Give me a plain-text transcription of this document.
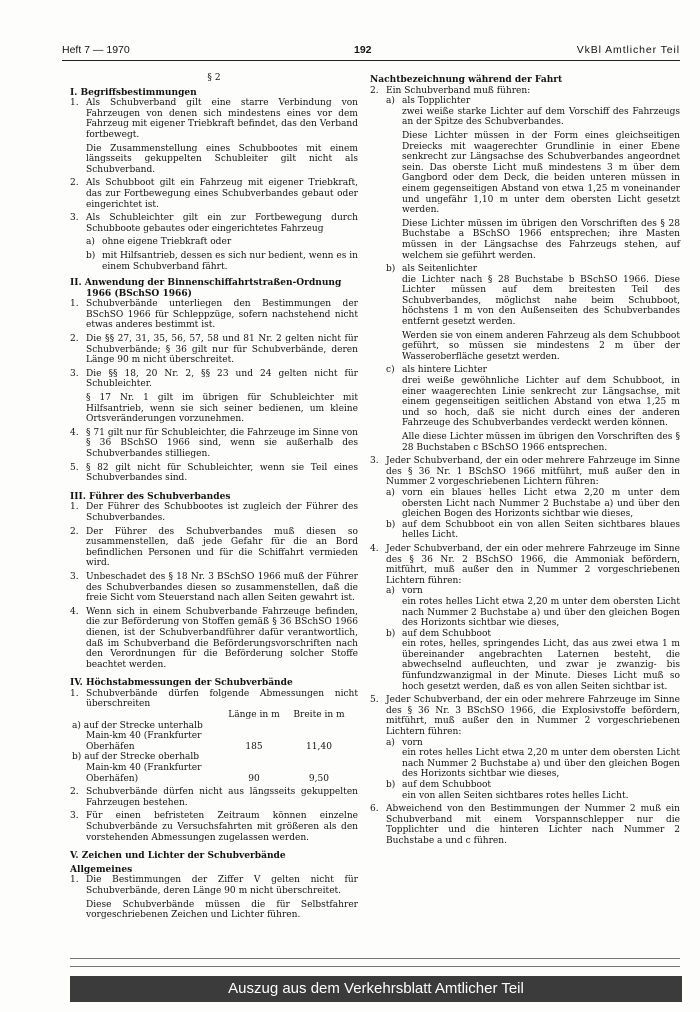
Heft 7 — 1970	192	VkBl Amtlicher Teil

§ 2

I. Begriffsbestimmungen

1. Als Schubverband gilt eine starre Verbindung von Fahrzeugen von denen sich mindestens eines vor dem Fahrzeug mit eigener Triebkraft befindet, das den Verband fortbewegt.

Die Zusammenstellung eines Schubbootes mit einem längsseits gekuppelten Schubleiter gilt nicht als Schubverband.

2. Als Schubboot gilt ein Fahrzeug mit eigener Triebkraft, das zur Fortbewegung eines Schubverbandes gebaut oder eingerichtet ist.
3. Als Schubleichter gilt ein zur Fortbewegung durch Schubboote gebautes oder eingerichtetes Fahrzeug
a) ohne eigene Triebkraft oder
b) mit Hilfsantrieb, dessen es sich nur bedient, wenn es in einem Schubverband fährt.

II. Anwendung der Binnenschiffahrtstraßen-Ordnung 1966 (BSchSO 1966)

1. Schubverbände unterliegen den Bestimmungen der BSchSO 1966 für Schleppzüge, sofern nachstehend nicht etwas anderes bestimmt ist.
2. Die §§ 27, 31, 35, 56, 57, 58 und 81 Nr. 2 gelten nicht für Schubverbände; § 36 gilt nur für Schubverbände, deren Länge 90 m nicht überschreitet.
3. Die §§ 18, 20 Nr. 2, §§ 23 und 24 gelten nicht für Schubleichter.

§ 17 Nr. 1 gilt im übrigen für Schubleichter mit Hilfsantrieb, wenn sie sich seiner bedienen, um kleine Ortsveränderungen vorzunehmen.

4. § 71 gilt nur für Schubleichter, die Fahrzeuge im Sinne von § 36 BSchSO 1966 sind, wenn sie außerhalb des Schubverbandes stilliegen.
5. § 82 gilt nicht für Schubleichter, wenn sie Teil eines Schubverbandes sind.

III. Führer des Schubverbandes

1. Der Führer des Schubbootes ist zugleich der Führer des Schubverbandes.
2. Der Führer des Schubverbandes muß diesen so zusammenstellen, daß jede Gefahr für die an Bord befindlichen Personen und für die Schiffahrt vermieden wird.
3. Unbeschadet des § 18 Nr. 3 BSchSO 1966 muß der Führer des Schubverbandes diesen so zusammenstellen, daß die freie Sicht vom Steuerstand nach allen Seiten gewahrt ist.
4. Wenn sich in einem Schubverbande Fahrzeuge befinden, die zur Beförderung von Stoffen gemäß § 36 BSchSO 1966 dienen, ist der Schubverbandführer dafür verantwortlich, daß im Schubverband die Beförderungsvorschriften nach den Verordnungen für die Beförderung solcher Stoffe beachtet werden.

IV. Höchstabmessungen der Schubverbände

1. Schubverbände dürfen folgende Abmessungen nicht überschreiten
	Länge in m	Breite in m
a) auf der Strecke unterhalb
Main-km 40 (Frankfurter
Oberhäfen	185	11,40
b) auf der Strecke oberhalb
Main-km 40 (Frankfurter
Oberhäfen)	90	9,50
2. Schubverbände dürfen nicht aus längsseits gekuppelten Fahrzeugen bestehen.
3. Für einen befristeten Zeitraum können einzelne Schubverbände zu Versuchsfahrten mit größeren als den vorstehenden Abmessungen zugelassen werden.

V. Zeichen und Lichter der Schubverbände

Allgemeines

1. Die Bestimmungen der Ziffer V gelten nicht für Schubverbände, deren Länge 90 m nicht überschreitet.

Diese Schubverbände müssen die für Selbstfahrer vorgeschriebenen Zeichen und Lichter führen.

Nachtbezeichnung während der Fahrt

2. Ein Schubverband muß führen:
a) als Topplichter

zwei weiße starke Lichter auf dem Vorschiff des Fahrzeugs an der Spitze des Schubverbandes.

Diese Lichter müssen in der Form eines gleichseitigen Dreiecks mit waagerechter Grundlinie in einer Ebene senkrecht zur Längsachse des Schubverbandes angeordnet sein. Das oberste Licht muß mindestens 3 m über dem Gangbord oder dem Deck, die beiden unteren müssen in einem gegenseitigen Abstand von etwa 1,25 m voneinander und ungefähr 1,10 m unter dem obersten Licht gesetzt werden.

Diese Lichter müssen im übrigen den Vorschriften des § 28 Buchstabe a BSchSO 1966 entsprechen; ihre Masten müssen in der Längsachse des Fahrzeugs stehen, auf welchem sie geführt werden.

b) als Seitenlichter

die Lichter nach § 28 Buchstabe b BSchSO 1966. Diese Lichter müssen auf dem breitesten Teil des Schubverbandes, möglichst nahe beim Schubboot, höchstens 1 m von den Außenseiten des Schubverbandes entfernt gesetzt werden.

Werden sie von einem anderen Fahrzeug als dem Schubboot geführt, so müssen sie mindestens 2 m über der Wasseroberfläche gesetzt werden.

c) als hintere Lichter

drei weiße gewöhnliche Lichter auf dem Schubboot, in einer waagerechten Linie senkrecht zur Längsachse, mit einem gegenseitigen seitlichen Abstand von etwa 1,25 m und so hoch, daß sie nicht durch eines der anderen Fahrzeuge des Schubverbandes verdeckt werden können.

Alle diese Lichter müssen im übrigen den Vorschriften des § 28 Buchstaben c BSchSO 1966 entsprechen.

3. Jeder Schubverband, der ein oder mehrere Fahrzeuge im Sinne des § 36 Nr. 1 BSchSO 1966 mitführt, muß außer den in Nummer 2 vorgeschriebenen Lichtern führen:
a) vorn ein blaues helles Licht etwa 2,20 m unter dem obersten Licht nach Nummer 2 Buchstabe a) und über den gleichen Bogen des Horizonts sichtbar wie dieses,
b) auf dem Schubboot ein von allen Seiten sichtbares blaues helles Licht.
4. Jeder Schubverband, der ein oder mehrere Fahrzeuge im Sinne des § 36 Nr. 2 BSchSO 1966, die Ammoniak befördern, mitführt, muß außer den in Nummer 2 vorgeschriebenen Lichtern führen:
a) vorn

ein rotes helles Licht etwa 2,20 m unter dem obersten Licht nach Nummer 2 Buchstabe a) und über den gleichen Bogen des Horizonts sichtbar wie dieses,

b) auf dem Schubboot

ein rotes, helles, springendes Licht, das aus zwei etwa 1 m übereinander angebrachten Laternen besteht, die abwechselnd aufleuchten, und zwar je zwanzig- bis fünfundzwanzigmal in der Minute. Dieses Licht muß so hoch gesetzt werden, daß es von allen Seiten sichtbar ist.

5. Jeder Schubverband, der ein oder mehrere Fahrzeuge im Sinne des § 36 Nr. 3 BSchSO 1966, die Explosivstoffe befördern, mitführt, muß außer den in Nummer 2 vorgeschriebenen Lichtern führen:
a) vorn

ein rotes helles Licht etwa 2,20 m unter dem obersten Licht nach Nummer 2 Buchstabe a) und über den gleichen Bogen des Horizonts sichtbar wie dieses,

b) auf dem Schubboot

ein von allen Seiten sichtbares rotes helles Licht.

6. Abweichend von den Bestimmungen der Nummer 2 muß ein Schubverband mit einem Vorspannschlepper nur die Topplichter und die hinteren Lichter nach Nummer 2 Buchstabe a und c führen.
Auszug aus dem Verkehrsblatt Amtlicher Teil
